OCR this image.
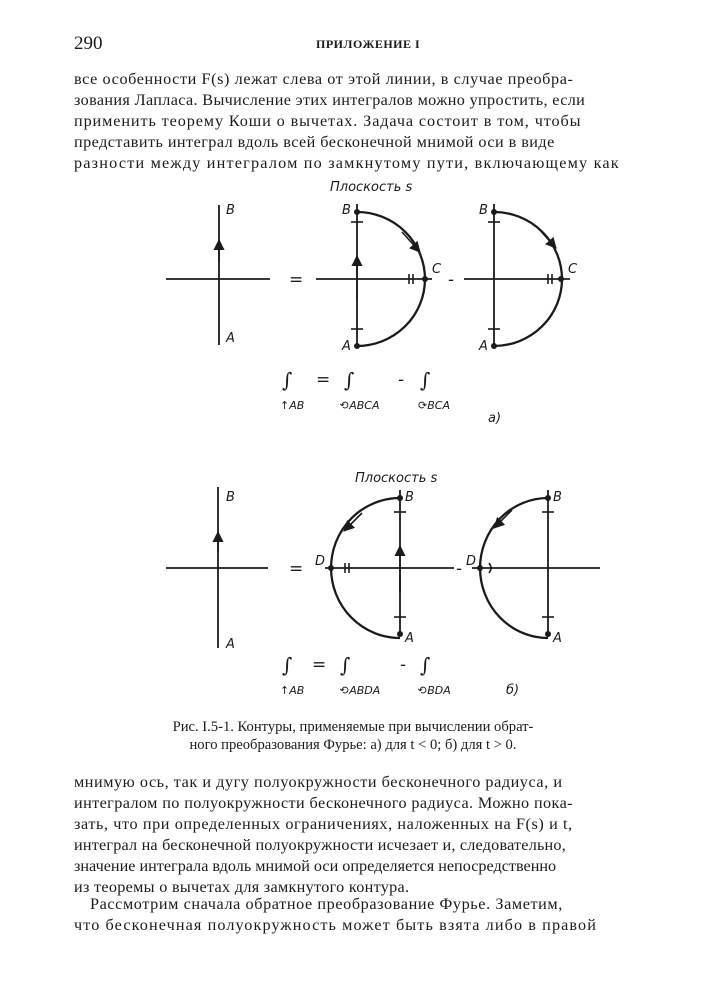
290	ПРИЛОЖЕНИЕ I
все особенности F(s) лежат слева от этой линии, в случае преобра-
зования Лапласа. Вычисление этих интегралов можно упростить, если
применить теорему Коши о вычетах. Задача состоит в том, чтобы
представить интеграл вдоль всей бесконечной мнимой оси в виде
разности между интегралом по замкнутому пути, включающему как
Плоскость s
B
A
=
B
A
C
-
B
A
C
∫ = ∫	- ∫
↑AB	⟲ABCA	⟳BCA
а)
Плоскость s
B
A
=
B
A
D	-
B
A
D
∫ = ∫	- ∫
↑AB	⟲ABDA	⟲BDA	б)
Рис. I.5-1. Контуры, применяемые при вычислении обрат-
ного преобразования Фурье: а) для t < 0; б) для t > 0.
мнимую ось, так и дугу полуокружности бесконечного радиуса, и
интегралом по полуокружности бесконечного радиуса. Можно пока-
зать, что при определенных ограничениях, наложенных на F(s) и t,
интеграл на бесконечной полуокружности исчезает и, следовательно,
значение интеграла вдоль мнимой оси определяется непосредственно
из теоремы о вычетах для замкнутого контура.
Рассмотрим сначала обратное преобразование Фурье. Заметим,
что бесконечная полуокружность может быть взята либо в правой
